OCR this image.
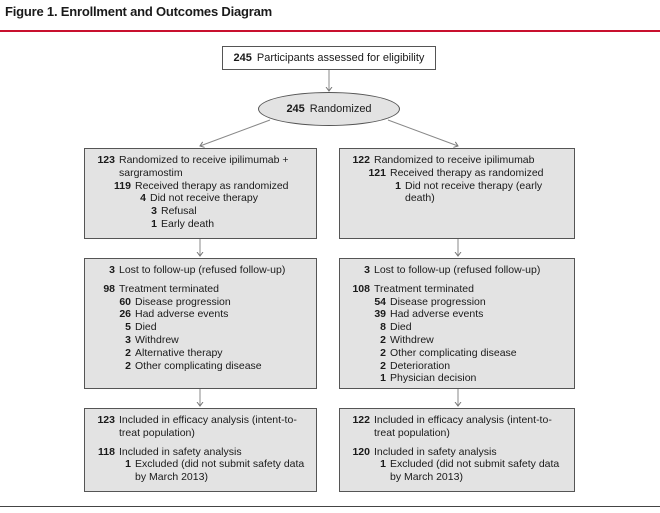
Figure 1. Enrollment and Outcomes Diagram
245 Participants assessed for eligibility
245 Randomized
123 Randomized to receive ipilimumab + sargramostim
119 Received therapy as randomized
4 Did not receive therapy
3 Refusal
1 Early death
3 Lost to follow-up (refused follow-up)
98 Treatment terminated
60 Disease progression
26 Had adverse events
5 Died
3 Withdrew
2 Alternative therapy
2 Other complicating disease
123 Included in efficacy analysis (intent-to-treat population)
118 Included in safety analysis
1 Excluded (did not submit safety data by March 2013)
122 Randomized to receive ipilimumab
121 Received therapy as randomized
1 Did not receive therapy (early death)
3 Lost to follow-up (refused follow-up)
108 Treatment terminated
54 Disease progression
39 Had adverse events
8 Died
2 Withdrew
2 Other complicating disease
2 Deterioration
1 Physician decision
122 Included in efficacy analysis (intent-to-treat population)
120 Included in safety analysis
1 Excluded (did not submit safety data by March 2013)
